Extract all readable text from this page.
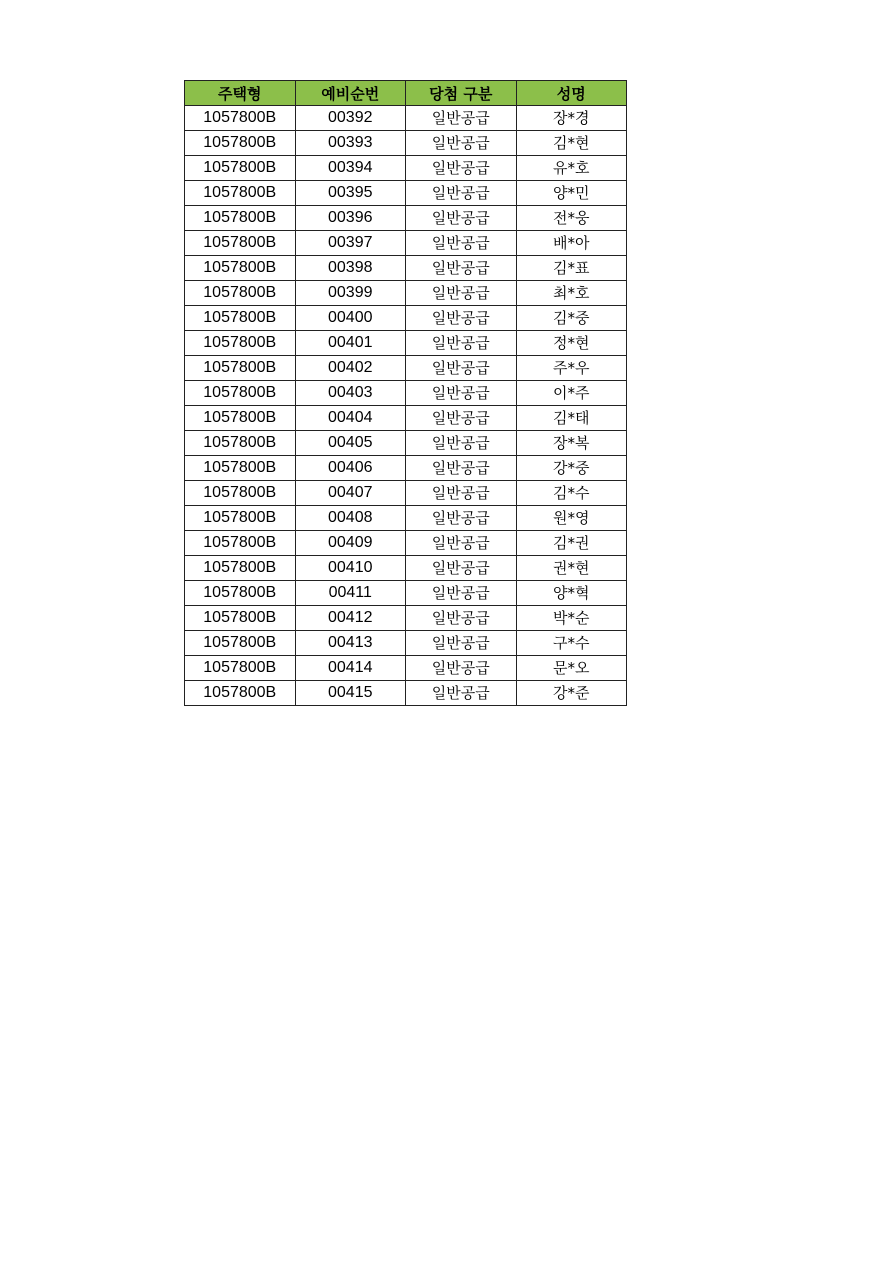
주택형	예비순번	당첨 구분	성명
1057800B	00392	일반공급	장*경
1057800B	00393	일반공급	김*현
1057800B	00394	일반공급	유*호
1057800B	00395	일반공급	양*민
1057800B	00396	일반공급	전*웅
1057800B	00397	일반공급	배*아
1057800B	00398	일반공급	김*표
1057800B	00399	일반공급	최*호
1057800B	00400	일반공급	김*중
1057800B	00401	일반공급	정*현
1057800B	00402	일반공급	주*우
1057800B	00403	일반공급	이*주
1057800B	00404	일반공급	김*태
1057800B	00405	일반공급	장*복
1057800B	00406	일반공급	강*중
1057800B	00407	일반공급	김*수
1057800B	00408	일반공급	원*영
1057800B	00409	일반공급	김*권
1057800B	00410	일반공급	권*현
1057800B	00411	일반공급	양*혁
1057800B	00412	일반공급	박*순
1057800B	00413	일반공급	구*수
1057800B	00414	일반공급	문*오
1057800B	00415	일반공급	강*준
